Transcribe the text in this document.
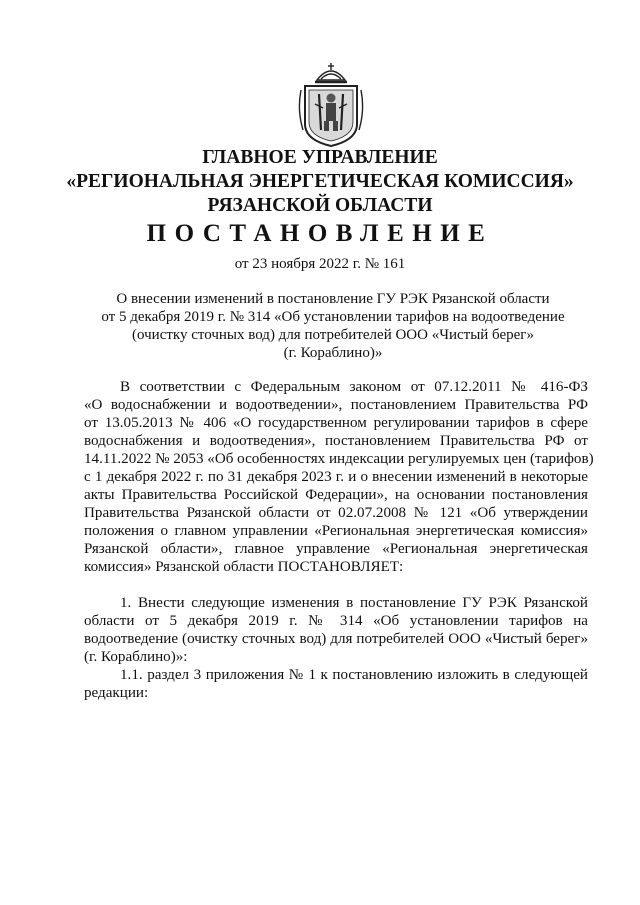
ГЛАВНОЕ УПРАВЛЕНИЕ
«РЕГИОНАЛЬНАЯ ЭНЕРГЕТИЧЕСКАЯ КОМИССИЯ»
РЯЗАНСКОЙ ОБЛАСТИ
ПОСТАНОВЛЕНИЕ
от 23 ноября 2022 г. № 161
О внесении изменений в постановление ГУ РЭК Рязанской области
от 5 декабря 2019 г. № 314 «Об установлении тарифов на водоотведение
(очистку сточных вод) для потребителей ООО «Чистый берег»
(г. Кораблино)»
В соответствии с Федеральным законом от 07.12.2011 № 416-ФЗ
«О водоснабжении и водоотведении», постановлением Правительства РФ
от 13.05.2013 № 406 «О государственном регулировании тарифов в сфере
водоснабжения и водоотведения», постановлением Правительства РФ от
14.11.2022 № 2053 «Об особенностях индексации регулируемых цен (тарифов)
с 1 декабря 2022 г. по 31 декабря 2023 г. и о внесении изменений в некоторые
акты Правительства Российской Федерации», на основании постановления
Правительства Рязанской области от 02.07.2008 № 121 «Об утверждении
положения о главном управлении «Региональная энергетическая комиссия»
Рязанской области», главное управление «Региональная энергетическая
комиссия» Рязанской области ПОСТАНОВЛЯЕТ:
1. Внести следующие изменения в постановление ГУ РЭК Рязанской
области от 5 декабря 2019 г. № 314 «Об установлении тарифов на
водоотведение (очистку сточных вод) для потребителей ООО «Чистый берег»
(г. Кораблино)»:
1.1. раздел 3 приложения № 1 к постановлению изложить в следующей
редакции:
